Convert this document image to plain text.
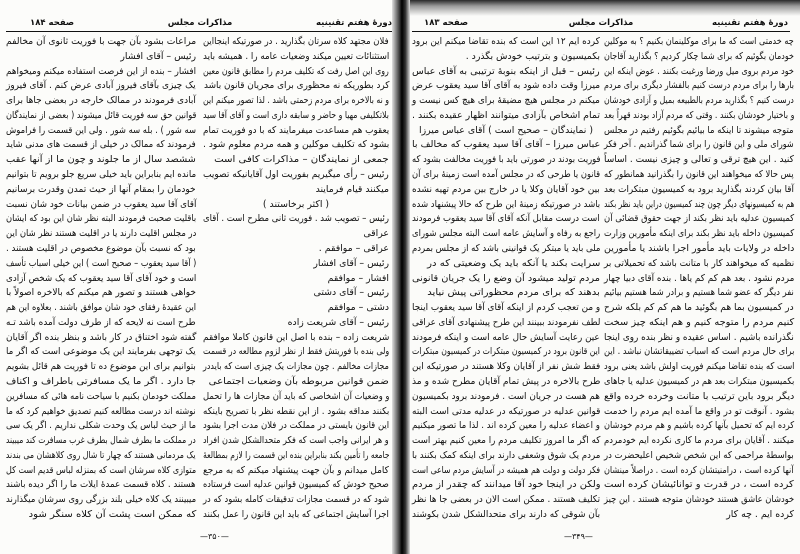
دورهٔ هفتم تقنینیه
مذاکرات مجلس
صفحه ۱۸۴
فلان مجتهد کلاه سرتان بگذارید . در صورتیکه اینجااین
استثنائات تعیین میکند وضعیات عامه را . همیشه باید
روی این اصل رفت که تکلیف مردم را مطابق قانون معین
کرد بطوریکه نه محظوری برای مجریان قانون باشد
و نه بالاخره برای مردم زحمتی باشد . لذا تصور میکنم این
بلاتکلیفی مهیا و حاضر و سابقه داری است و آقای آقا سید
یعقوب هم مساعدت میفرمایند که با دو فوریت تمام
بشود که تکلیف موکلین و همه مردم معلوم شود .
جمعی از نمایندگان – مذاکرات کافی است
رئیس – رأی میگیریم بفوریت اول آقایانیکه تصویب
میکنند قیام فرمایند
( اکثر برخاستند )
رئیس – تصویب شد . فوریت ثانی مطرح است . آقای
عراقی
عراقی – موافقم .
رئیس – آقای افشار
افشار – موافقم
رئیس – آقای دشتی
دشتی – موافقم
رئیس – آقای شریعت زاده
شریعت زاده – بنده با اصل این قانون کاملا موافقم
ولی بنده با فوریتش فقط از نظر لزوم مطالعه در قسمت
مجازات مخالفم . چون مجازات یک چیزی است که بایددر
ضمن قوانین مربوطه بآن وضعیات اجتماعی
و وضعیات آن اشخاصی که باید آن مجازات ها را تحمل
بکنند مداقه بشود . از این نقطه نظر با تصریح باینکه
این قانون بایستی در مملکت در فلان مدت اجرا بشود
و هر ایرانی واجب است که فکر متحدالشکل شدن افراد
جامعه را تأمین بکند بنابراین بنده این قسمت را لازم بمطالعهٔ
کامل میدانم و بآن جهت پیشنهاد میکنم که به مرجع
صحیح خودش که کمیسیون قوانین عدلیه است فرستاده
شود که در قسمت مجازات تدقیقات کامله بشود که در
اجرا آسایش اجتماعی که باید این قانون را عمل بکنند
مراعات بشود بآن جهت با فوریت ثانوی آن مخالفم
رئیس – آقای افشار
افشار – بنده از این فرصت استفاده میکنم ومیخواهم
یک چیزی بآقای فیروز آبادی عرض کنم . آقای فیروز
آبادی فرمودند در ممالک خارجه در بعضی جاها برای
قوانین حق سه فوریت قائل میشوند ( بعضی از نمایندگان
سه شور ) . بله سه شور . ولی این قسمت را فراموش
فرمودند که ممالک در خیلی از قسمت های مدنی شاید
ششصد سال از ما جلوند و چون ما از آنها عقب
مانده ایم بنابراین باید خیلی سریع جلو برویم تا بتوانیم
خودمان را بمقام آنها از حیث تمدن وقدرت برسانیم
آقای آقا سید یعقوب در ضمن بیانات خود شان نسبت
باقلیت صحبت فرمودند البته نظر شان این بود که ایشان
در مجلس اقلیت دارند یا در اقلیت هستند نظر شان این
بود که نسبت بآن موضوع مخصوص در اقلیت هستند .
( آقا سید یعقوب – صحیح است ) این خیلی اسباب تأسف
است و خود آقای آقا سید یعقوب که یک شخص آزادی
خواهی هستند و تصور هم میکنم که بالاخره اصولاً با
این عقیدهٔ رفقای خود شان موافق باشند . بعلاوه این هم
طرح است نه لایحه که از طرف دولت آمده باشد تـه
گفته شود اختناق در کار باشد و بنظر بنده اگر آقایان
یک توجهی بفرمایند این یک موضوعی است که اگر ما
بتوانیم برای این موضوع ده تا فوریت هم قائل بشویم
جا دارد . اگر ما یک مسافرتی باطراف و اکناف
مملکت خودمان بکنیم با سیاحت نامه هائی که مسافرین
نوشته اند درست مطالعه کنیم تصدیق خواهیم کرد که ما
ما از حیث لباس یک وحدت شکلی نداریم . اگر یک سی
در مملکت ما بطرف شمال بطرف غرب مسافرت کند میبیند
یک مردمانی هستند که چهار تا شال روی کلاهشان می بندند
متوازی کلاه سرشان است که بمنزله لباس قدیم است کل
هستند . کلاه قسمت عمدهٔ ایلات ما را اگر دیده باشند
میبینند یک کلاه خیلی بلند بزرگی روی سرشان میگذارند
که ممکن است پشت آن کلاه سنگر شود
—۳۵۰—
دورهٔ هفتم تقنینیه
مذاکرات مجلس
صفحه ۱۸۳
چه خدمتی است که ما برای موکلینمان بکنیم ؟ به موکلین
خودمان بگوئیم که برای شما چکار کردیم ؟ بگذارید آقاجان
خود مردم بروی میل ورضا ورغبت بکنند . عوض اینکه این
بارها را برای مردم درست کنیم بالفشار دیگری برای مردم
درست کنیم ؟ بگذارید مردم بالطبیعه بمیل و آزادی خودشان
و باختیار خودشان بکنند . وقتی که مردم آزاد بودند قهراً بعد
متوجه میشوند تا اینکه ما بیائیم بگوئیم رفتیم در مجلس
شورای ملی و این قانون را برای شما گذراندیم . آخر فکر
کنید . این هیچ ترقی و تعالی و چیزی نیست . اساساً
پس حالا که میخواهند این قانون را بگذرانید همانطور که
آقا بیان کردند بگذارید برود به کمیسیون مبتکرات بعد
هم به کمیسیونهای دیگر چون چند کمیسیون دراین باید نظر بکند
کمیسیون عدلیه باید نظر بکند از جهت حقوق قضائی آن
کمیسیون داخله باید نظر بکند برای اینکه مأمورین وزارت
داخله در ولایات باید مأمور اجرا باشند یا مأمورین
نظمیه که میخواهند کار با متانت باشد که تحمیلاتی بر
مردم نشود . بعد هم کم کم یاها . بنده آقای دبیا چهار
نفر دیگر که عضو شما هستیم و برادر شما هستیم بیائیم
در کمیسیون بما هم بگوئید ما هم کم کم بلکه شرح
کنیم مردم را متوجه کنیم و هم اینکه چیز سخت
نگذرانده باشیم . اساس عقیده و نظر بنده روی اینجا
برای حال مردم است که اسباب تضییقاتشان نباشد . این
است که بنده تقاضا میکنم فوریت اولش باشد یعنی برود
بکمیسیون مبتکرات بعد هم در کمیسیون عدلیه یا جاهای
دیگر برود باین ترتیب با متانت وخرده خرده واقع
بشود . آنوقت تو در واقع ما آمده ایم مردم را خدمت
کرده ایم که تحمیل بآنها کرده باشیم و هم مردم خودشان
میکنند . آقایان برای مردم ما کاری نکرده ایم خودمردم
بواسطهٔ مراحمی که این شخص شخیص اعلیحضرت در
آنها کرده است ، درامنیتشان کرده است . دراصلاً مینشان
کرده است ، در قدرت و توانائیشان کرده است
خودشان عاشق هستند خودشان متوجه هستند . این چیز
کرده ایم . چه کار
کرده ایم ۱۲ این است که بنده تقاضا میکنم این برود
بکمیسیون و بترتیب خودش بگذرد .
رئیس – قبل از اینکه بنوبهٔ ترتیبی به آقای عباس
میرزا وقت داده شود به آقای آقا سید یعقوب عرض
میکنم در مجلس هیچ مضیقهٔ برای هیچ کس نیست و
تمام اشخاص بآزادی میتوانند اظهار عقیده بکنند .
( نمایندگان – صحیح است ) آقای عباس میرزا
عباس میرزا – آقای آقا سید یعقوب که مخالف با
فوریت بودند در صورتی باید با فوریت مخالفت بشود که
قانون یا طرحی که در مجلس آمده است زمینهٔ برای آن
بین خود آقایان وکلا یا در خارج بین مردم تهیه نشده
باشد در صورتیکه زمینهٔ این طرح که حالا پیشنهاد شده
است درست مقابل آنکه آقای آقا سید یعقوب فرمودند
راجع به رفاه و آسایش عامه است البته مجلس شورای
ملی باید یا مبتکر یک قوانینی باشد که از مجلس بمردم
سرایت بکند یا آنکه باید یک وضعیتی که در
مردم تولید میشود آن وضع را یک جریان قانونی
بدهند که برای مردم محظوراتی پیش نیاید
و من تعجب کردم از اینکه آقای آقا سید یعقوب اینجا
لطف نفرمودند ببینند این طرح پیشنهادی آقای عراقی
عین رعایت آسایش حال عامه است و اینکه فرمودند
این قانون برود در کمیسیون مبتکرات در کمیسیون مبتکرات
فقط شش نفر از آقایان وکلا هستند در صورتیکه این
طرح بالاخره در پیش تمام آقایان مطرح شده و مذ
هم هست در جریان است . فرمودند برود بکمیسیون
قوانین عدلیه در صورتیکه در عدلیه مدتی است البته
و اعضاء عدلیه را معین کرده اند . لذا ما تصور میکنیم
که اگر ما امروز تکلیف مردم را معین کنیم بهتر است
مردم یک شوق وشعفی دارند برای اینکه کمک بکنند با
فکر دولت و دولت هم همیشه در آسایش مردم ساعی است
ولکن در اینجا خود آقا میدانند که چقدر از مردم
تکلیف هستند . ممکن است الان در بعضی جا ها نظر
بآن شوقی که دارند برای متحدالشکل شدن بکوشند
—۳۴۹—
